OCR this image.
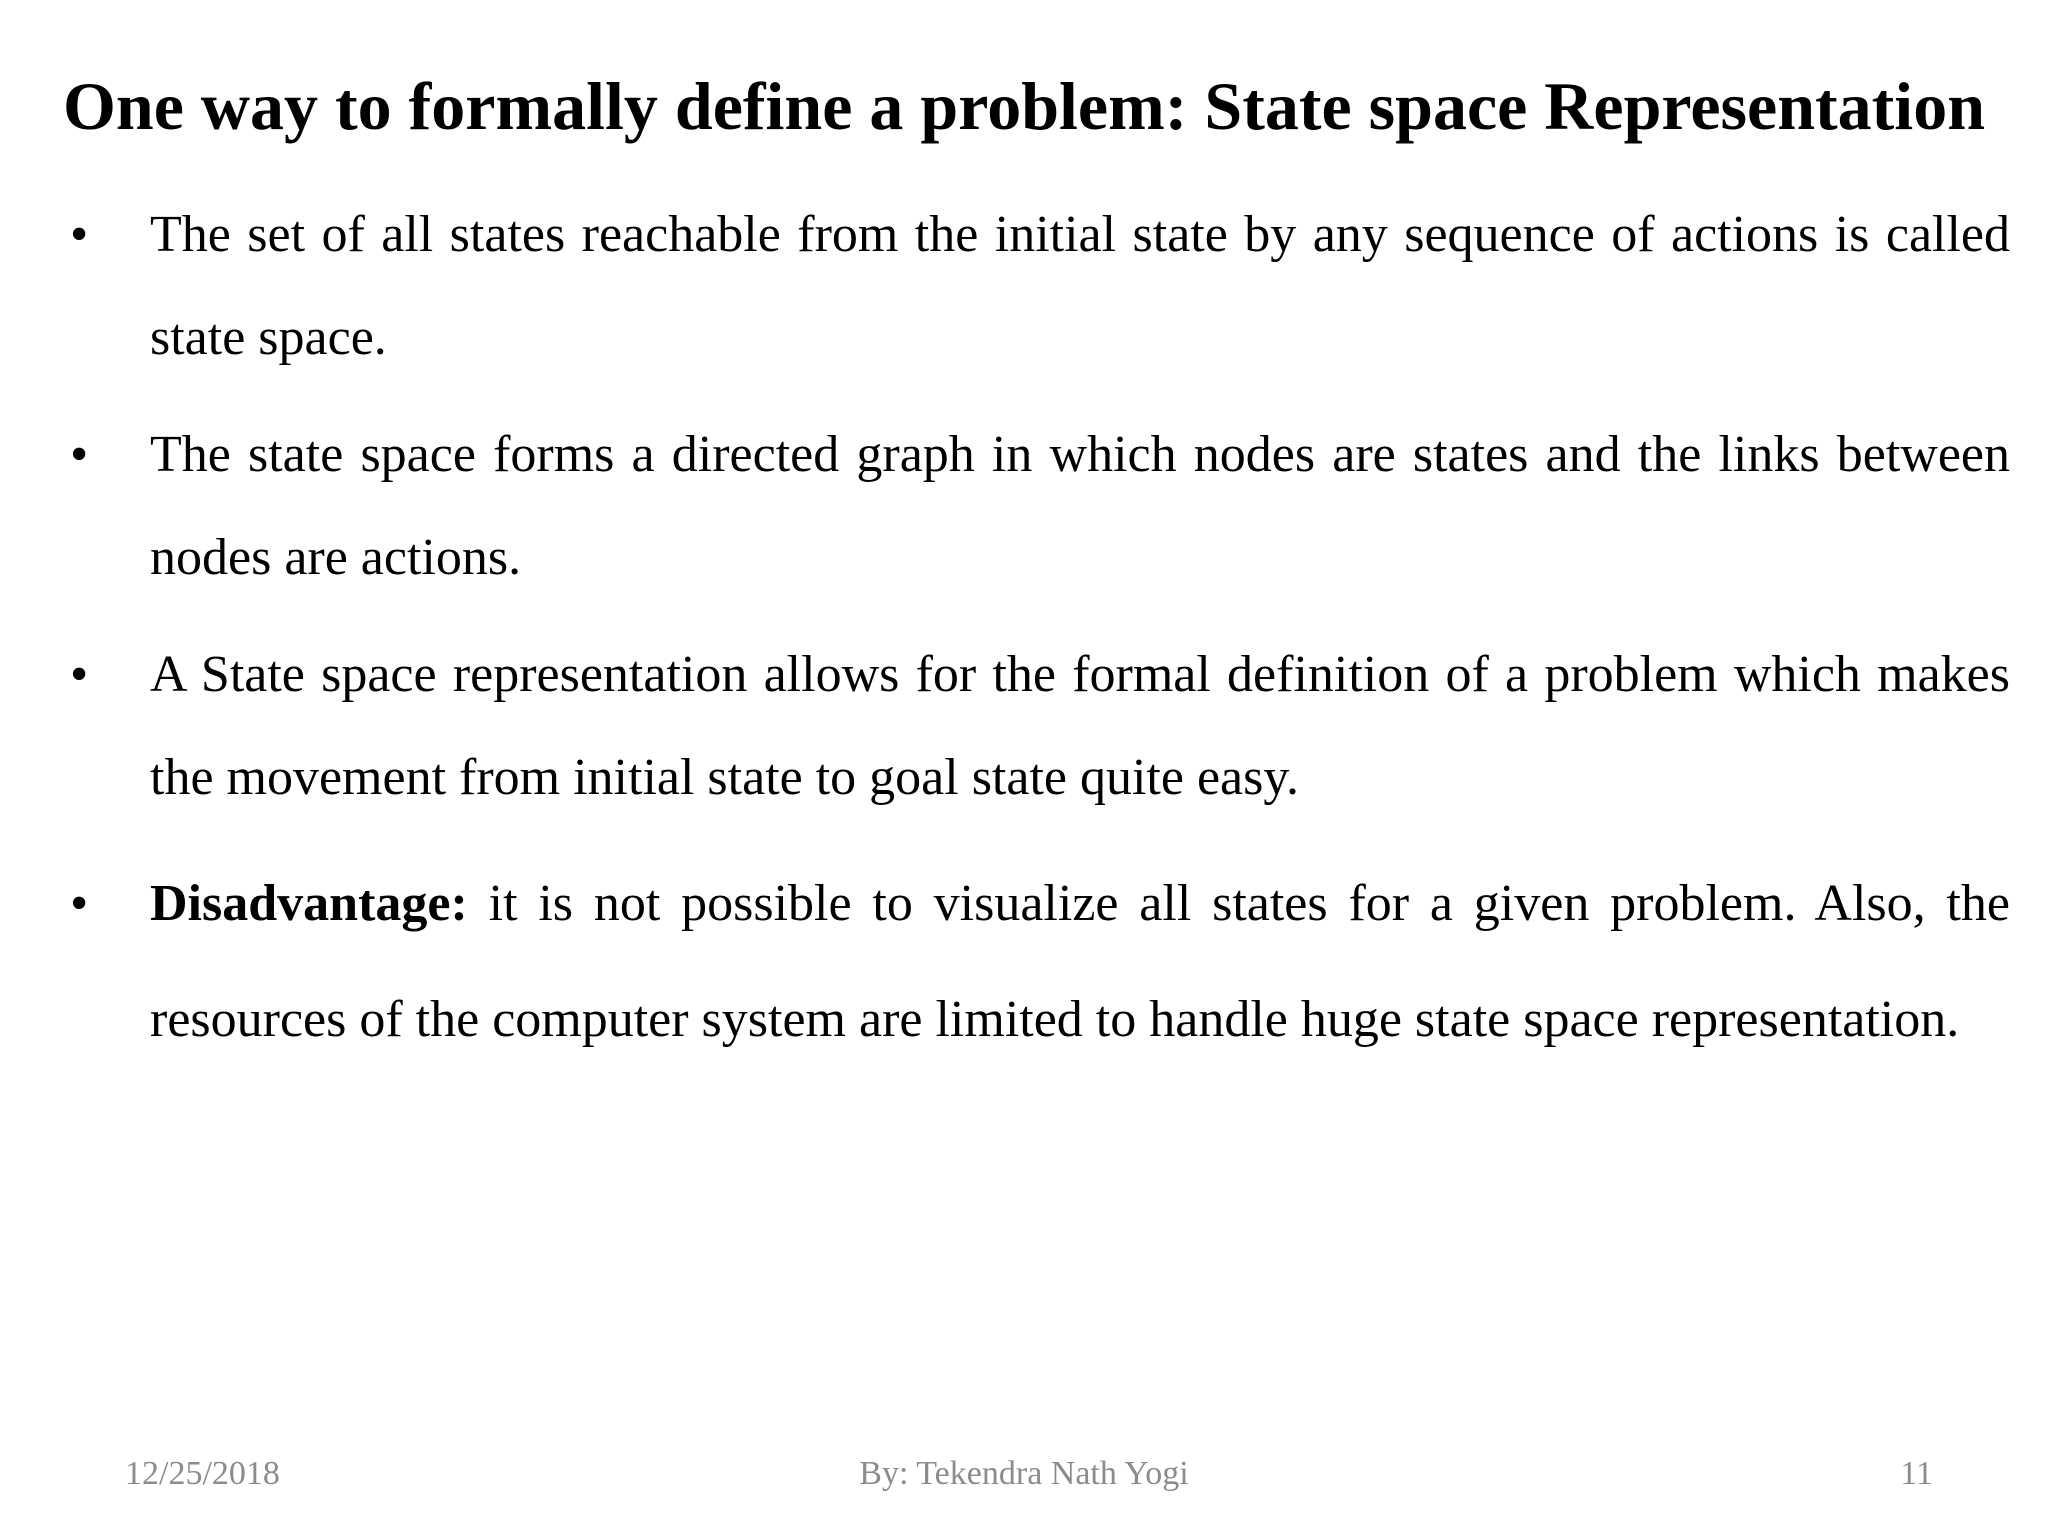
One way to formally define a problem: State space Representation
• The set of all states reachable from the initial state by any sequence of actions is called state space.
• The state space forms a directed graph in which nodes are states and the links between nodes are actions.
• A State space representation allows for the formal definition of a problem which makes the movement from initial state to goal state quite easy.
• Disadvantage: it is not possible to visualize all states for a given problem. Also, the resources of the computer system are limited to handle huge state space representation.
12/25/2018	By: Tekendra Nath Yogi	11
